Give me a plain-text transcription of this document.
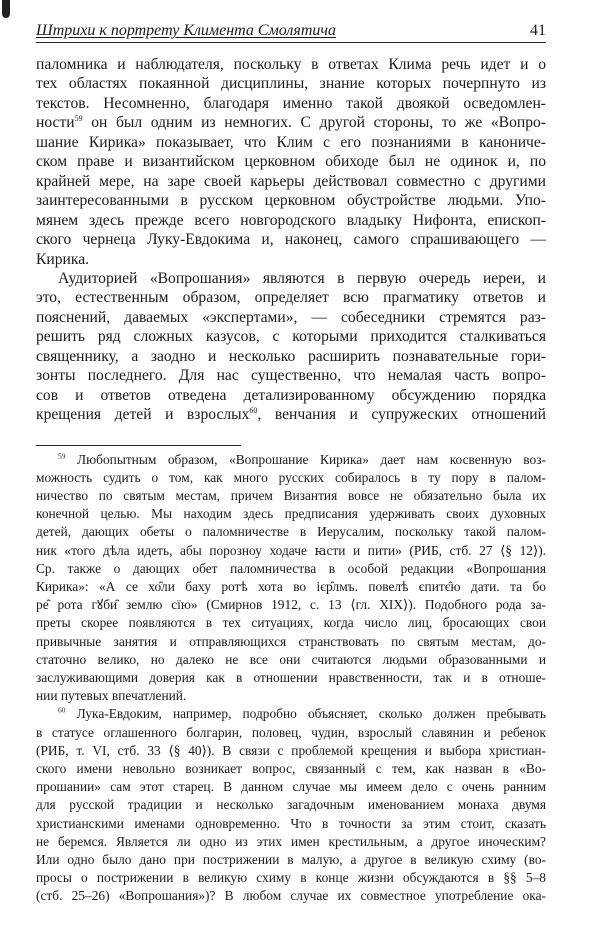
Штрихи к портрету Климента Смолятича	41
паломника и наблюдателя, поскольку в ответах Клима речь идет и о
тех областях покаянной дисциплины, знание которых почерпнуто из
текстов. Несомненно, благодаря именно такой двоякой осведомлен-
ности$^{59}$ он был одним из немногих. С другой стороны, то же «Вопро-
шание Кирика» показывает, что Клим с его познаниями в канониче-
ском праве и византийском церковном обиходе был не одинок и, по
крайней мере, на заре своей карьеры действовал совместно с другими
заинтересованными в русском церковном обустройстве людьми. Упо-
мянем здесь прежде всего новгородского владыку Нифонта, епископ-
ского чернеца Луку-Евдокима и, наконец, самого спрашивающего —
Кирика.
Аудиторией «Вопрошания» являются в первую очередь иереи, и
это, естественным образом, определяет всю прагматику ответов и
пояснений, даваемых «экспертами», — собеседники стремятся раз-
решить ряд сложных казусов, с которыми приходится сталкиваться
священнику, а заодно и несколько расширить познавательные гори-
зонты последнего. Для нас существенно, что немалая часть вопро-
сов и ответов отведена детализированному обсуждению порядка
крещения детей и взрослых$^{60}$, венчания и супружеских отношений
$^{59}$ Любопытным образом, «Вопрошание Кирика» дает нам косвенную воз-
можность судить о том, как много русских собиралось в ту пору в палом-
ничество по святым местам, причем Византия вовсе не обязательно была их
конечной целью. Мы находим здесь предписания удерживать своих духовных
детей, дающих обеты о паломничестве в Иерусалим, поскольку такой палом-
ник «того дѣла идеть, абы порозноу ходаче ꙗсти и пити» (РИБ, стб. 27 ⟨§ 12⟩).
Ср. также о дающих обет паломничества в особой редакции «Вопрошания
Кирика»: «А се хо̑ли баху ротѣ хота во ієр̑лмъ. повелѣ єпитє̑ю дати. та бо
ре̑ рота гꙋби̑ землю сїю» (Смирнов 1912, с. 13 ⟨гл. XIX⟩). Подобного рода за-
преты скорее появляются в тех ситуациях, когда число лиц, бросающих свои
привычные занятия и отправляющихся странствовать по святым местам, до-
статочно велико, но далеко не все они считаются людьми образованными и
заслуживающими доверия как в отношении нравственности, так и в отноше-
нии путевых впечатлений.
$^{60}$ Лука-Евдоким, например, подробно объясняет, сколько должен пребывать
в статусе оглашенного болгарин, половец, чудин, взрослый славянин и ребенок
(РИБ, т. VI, стб. 33 ⟨§ 40⟩). В связи с проблемой крещения и выбора христиан-
ского имени невольно возникает вопрос, связанный с тем, как назван в «Во-
прошании» сам этот старец. В данном случае мы имеем дело с очень ранним
для русской традиции и несколько загадочным именованием монаха двумя
христианскими именами одновременно. Что в точности за этим стоит, сказать
не беремся. Является ли одно из этих имен крестильным, а другое иноческим?
Или одно было дано при пострижении в малую, а другое в великую схиму (во-
просы о пострижении в великую схиму в конце жизни обсуждаются в §§ 5–8
(стб. 25–26) «Вопрошания»)? В любом случае их совместное употребление ока-
